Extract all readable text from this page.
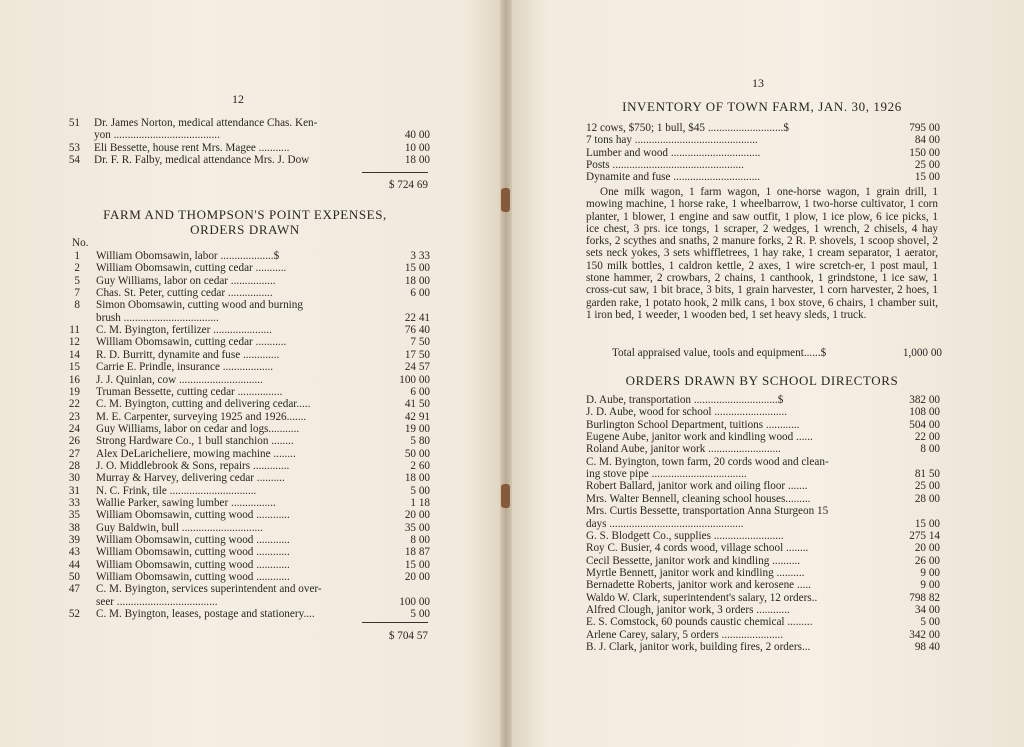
12
51 Dr. James Norton, medical attendance Chas. Ken-
yon ......................................	40 00
53 Eli Bessette, house rent Mrs. Magee ...........	10 00
54 Dr. F. R. Falby, medical attendance Mrs. J. Dow	18 00
$ 724 69
FARM AND THOMPSON'S POINT EXPENSES,
ORDERS DRAWN
No.
1 William Obomsawin, labor ...................$	3 33
2 William Obomsawin, cutting cedar ...........	15 00
5 Guy Williams, labor on cedar ................	18 00
7 Chas. St. Peter, cutting cedar ................	6 00
8 Simon Obomsawin, cutting wood and burning
brush ..................................	22 41
11 C. M. Byington, fertilizer .....................	76 40
12 William Obomsawin, cutting cedar ...........	7 50
14 R. D. Burritt, dynamite and fuse .............	17 50
15 Carrie E. Prindle, insurance ..................	24 57
16 J. J. Quinlan, cow ..............................	100 00
19 Truman Bessette, cutting cedar ................	6 00
22 C. M. Byington, cutting and delivering cedar.....	41 50
23 M. E. Carpenter, surveying 1925 and 1926.......	42 91
24 Guy Williams, labor on cedar and logs...........	19 00
26 Strong Hardware Co., 1 bull stanchion ........	5 80
27 Alex DeLaricheliere, mowing machine ........	50 00
28 J. O. Middlebrook & Sons, repairs .............	2 60
30 Murray & Harvey, delivering cedar ..........	18 00
31 N. C. Frink, tile ...............................	5 00
33 Wallie Parker, sawing lumber ................	1 18
35 William Obomsawin, cutting wood ............	20 00
38 Guy Baldwin, bull .............................	35 00
39 William Obomsawin, cutting wood ............	8 00
43 William Obomsawin, cutting wood ............	18 87
44 William Obomsawin, cutting wood ............	15 00
50 William Obomsawin, cutting wood ............	20 00
47 C. M. Byington, services superintendent and over-
seer ....................................	100 00
52 C. M. Byington, leases, postage and stationery....	5 00
$ 704 57
13
INVENTORY OF TOWN FARM, JAN. 30, 1926
12 cows, $750; 1 bull, $45 ...........................$	795 00
7 tons hay ............................................	84 00
Lumber and wood ................................	150 00
Posts ...............................................	25 00
Dynamite and fuse ...............................	15 00
One milk wagon, 1 farm wagon, 1 one-horse wagon, 1 grain drill, 1 mowing machine, 1 horse rake, 1 wheelbarrow, 1 two-horse cultivator, 1 corn planter, 1 blower, 1 engine and saw outfit, 1 plow, 1 ice plow, 6 ice picks, 1 ice chest, 3 prs. ice tongs, 1 scraper, 2 wedges, 1 wrench, 2 chisels, 4 hay forks, 2 scythes and snaths, 2 manure forks, 2 R. P. shovels, 1 scoop shovel, 2 sets neck yokes, 3 sets whiffletrees, 1 hay rake, 1 cream separator, 1 aerator, 150 milk bottles, 1 caldron kettle, 2 axes, 1 wire scretch-er, 1 post maul, 1 stone hammer, 2 crowbars, 2 chains, 1 canthook, 1 grindstone, 1 ice saw, 1 cross-cut saw, 1 bit brace, 3 bits, 1 grain harvester, 1 corn harvester, 2 hoes, 1 garden rake, 1 potato hook, 2 milk cans, 1 box stove, 6 chairs, 1 chamber suit, 1 iron bed, 1 weeder, 1 wooden bed, 1 set heavy sleds, 1 truck.
Total appraised value, tools and equipment......$	1,000 00
ORDERS DRAWN BY SCHOOL DIRECTORS
D. Aube, transportation ..............................$	382 00
J. D. Aube, wood for school ..........................	108 00
Burlington School Department, tuitions ............	504 00
Eugene Aube, janitor work and kindling wood ......	22 00
Roland Aube, janitor work ..........................	8 00
C. M. Byington, town farm, 20 cords wood and clean-
ing stove pipe ..................................	81 50
Robert Ballard, janitor work and oiling floor .......	25 00
Mrs. Walter Bennell, cleaning school houses.........	28 00
Mrs. Curtis Bessette, transportation Anna Sturgeon 15
days ................................................	15 00
G. S. Blodgett Co., supplies .........................	275 14
Roy C. Busier, 4 cords wood, village school ........	20 00
Cecil Bessette, janitor work and kindling ..........	26 00
Myrtle Bennett, janitor work and kindling ..........	9 00
Bernadette Roberts, janitor work and kerosene .....	9 00
Waldo W. Clark, superintendent's salary, 12 orders..	798 82
Alfred Clough, janitor work, 3 orders ............	34 00
E. S. Comstock, 60 pounds caustic chemical .........	5 00
Arlene Carey, salary, 5 orders ......................	342 00
B. J. Clark, janitor work, building fires, 2 orders...	98 40
